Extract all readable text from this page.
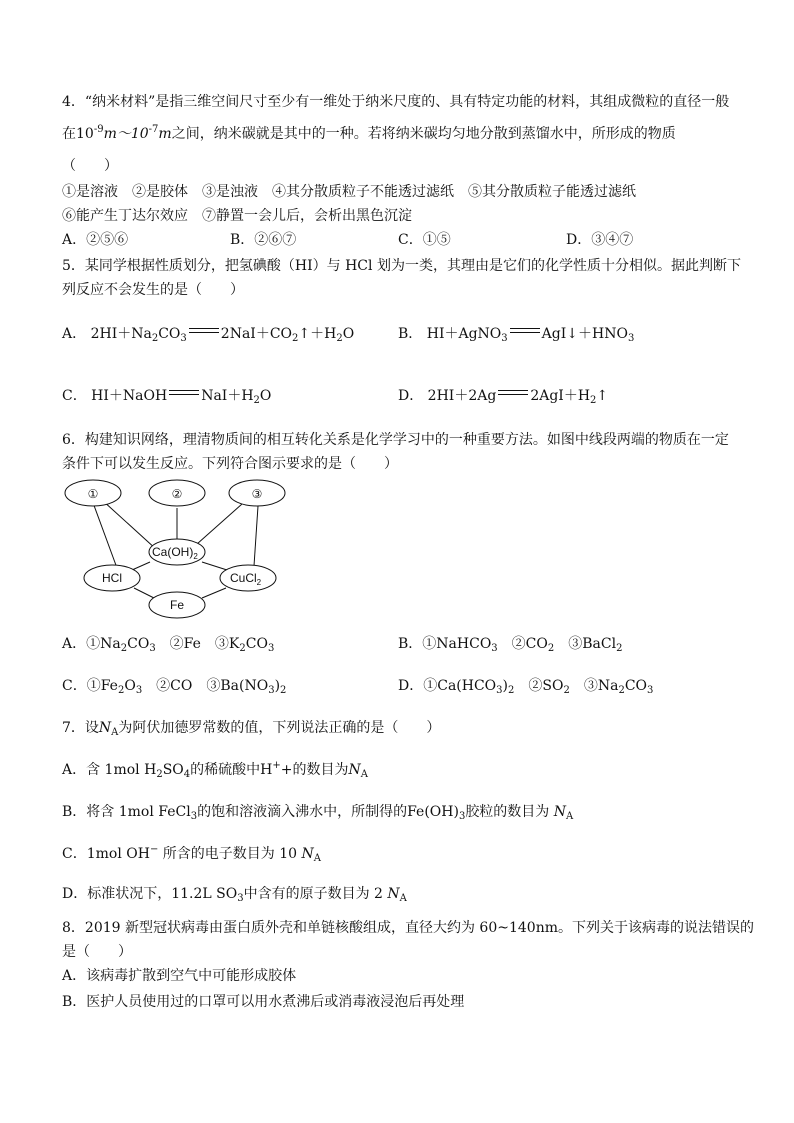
4．“纳米材料”是指三维空间尺寸至少有一维处于纳米尺度的、具有特定功能的材料，其组成微粒的直径一般
在$10^{-9}m\sim 10^{-7}m$之间，纳米碳就是其中的一种。若将纳米碳均匀地分散到蒸馏水中，所形成的物质
（　　）
①是溶液　②是胶体　③是浊液　④其分散质粒子不能透过滤纸　⑤其分散质粒子能透过滤纸
⑥能产生丁达尔效应　⑦静置一会儿后，会析出黑色沉淀
A．②⑤⑥	B．②⑥⑦	C．①⑤	D．③④⑦
5．某同学根据性质划分，把氢碘酸（HI）与 HCl 划为一类，其理由是它们的化学性质十分相似。据此判断下
列反应不会发生的是（　　）
A． $2HI+Na_2CO_3$ $2NaI+CO_2↑+H_2O$	B． HI＋AgNO$_3$ $AgI↓+HNO_3$
C． HI＋NaOH $NaI+H_2O$	D． 2HI＋2Ag $2AgI+H_2↑$
6．构建知识网络，理清物质间的相互转化关系是化学学习中的一种重要方法。如图中线段两端的物质在一定
条件下可以发生反应。下列符合图示要求的是（　　）
①	②	③
$Ca(OH)_2$
HCl	CuCl$_2$
Fe
A．$①Na_2CO_3$　②Fe　$③K_2CO_3$	B．①NaHCO$_3$　$②CO_2$　③BaCl$_2$
C．$①Fe_2O_3$　②CO　$③Ba(NO_3)_2$	D．$①Ca(HCO_3)_2$　$②SO_2$　$③Na_2CO_3$
7．设$N_A$为阿伏加德罗常数的值，下列说法正确的是（　　）
A．含 1mol $H_2SO_4$的稀硫酸中H++的数目为$N_A$
B．将含 1mol FeCl$_3$的饱和溶液滴入沸水中，所制得的$Fe(OH)_3$胶粒的数目为 $N_A$
C．1mol OH− 所含的电子数目为 10 $N_A$
D．标准状况下，11.2L $SO_3$中含有的原子数目为 2 $N_A$
8．2019 新型冠状病毒由蛋白质外壳和单链核酸组成，直径大约为 60~140nm。下列关于该病毒的说法错误的
是（　　）
A．该病毒扩散到空气中可能形成胶体
B．医护人员使用过的口罩可以用水煮沸后或消毒液浸泡后再处理
